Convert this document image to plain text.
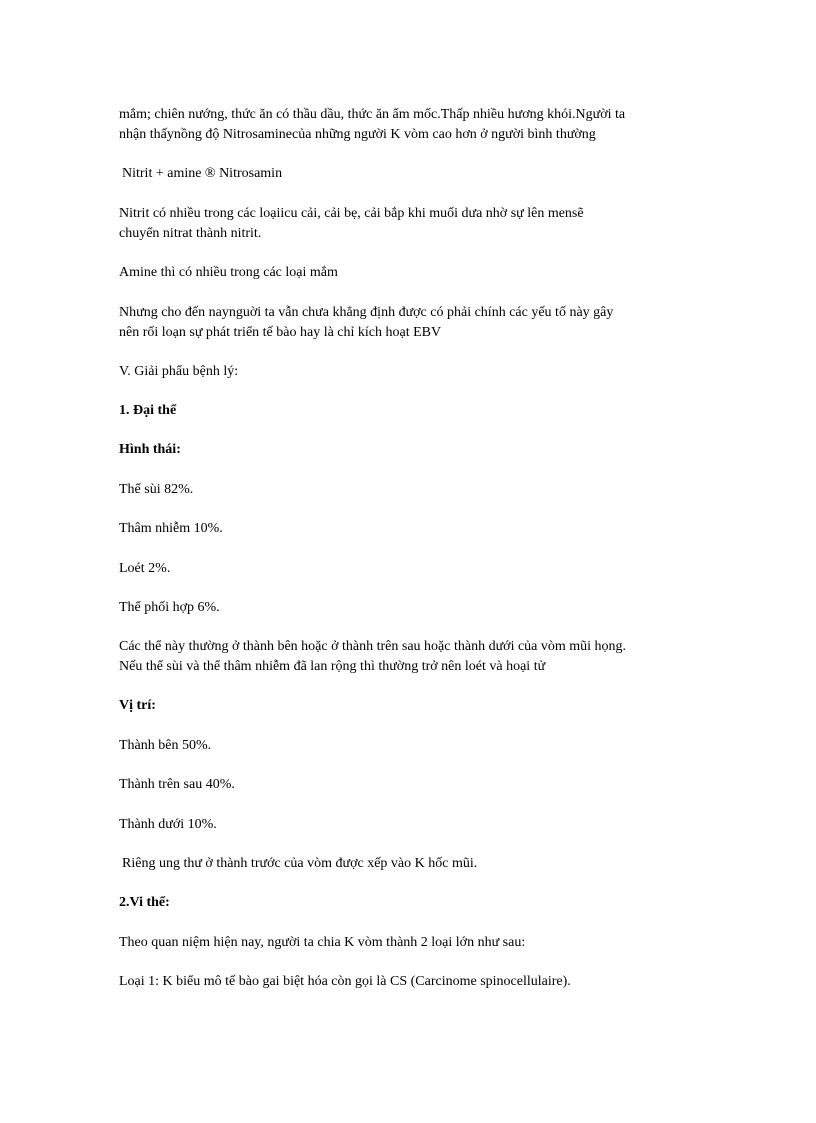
mắm; chiên nướng, thức ăn có thầu dầu, thức ăn ẩm mốc.Thấp nhiều hương khói.Người ta
nhận thấynồng độ Nitrosaminecủa những người K vòm cao hơn ở người bình thường
Nitrit + amine ® Nitrosamin
Nitrit có nhiều trong các loạiicu cải, cải bẹ, cải bắp khi muối dưa nhờ sự lên mensẽ
chuyển nitrat thành nitrit.
Amine thì có nhiều trong các loại mắm
Nhưng cho đến naynguời ta vẫn chưa khẳng định được có phải chính các yếu tố này gây
nên rối loạn sự phát triển tế bào hay là chỉ kích hoạt EBV
V. Giải phẩu bệnh lý:
1. Đại thể
Hình thái:
Thể sùi 82%.
Thâm nhiễm 10%.
Loét 2%.
Thể phối hợp 6%.
Các thể này thường ở thành bên hoặc ở thành trên sau hoặc thành dưới của vòm mũi họng.
Nếu thể sùi và thể thâm nhiễm đã lan rộng thì thường trở nên loét và hoại tử
Vị trí:
Thành bên 50%.
Thành trên sau 40%.
Thành dưới 10%.
Riêng ung thư ở thành trước của vòm được xếp vào K hốc mũi.
2.Vi thể:
Theo quan niệm hiện nay, người ta chia K vòm thành 2 loại lớn như sau:
Loại 1: K biểu mô tế bào gai biệt hóa còn gọi là CS (Carcinome spinocellulaire).
